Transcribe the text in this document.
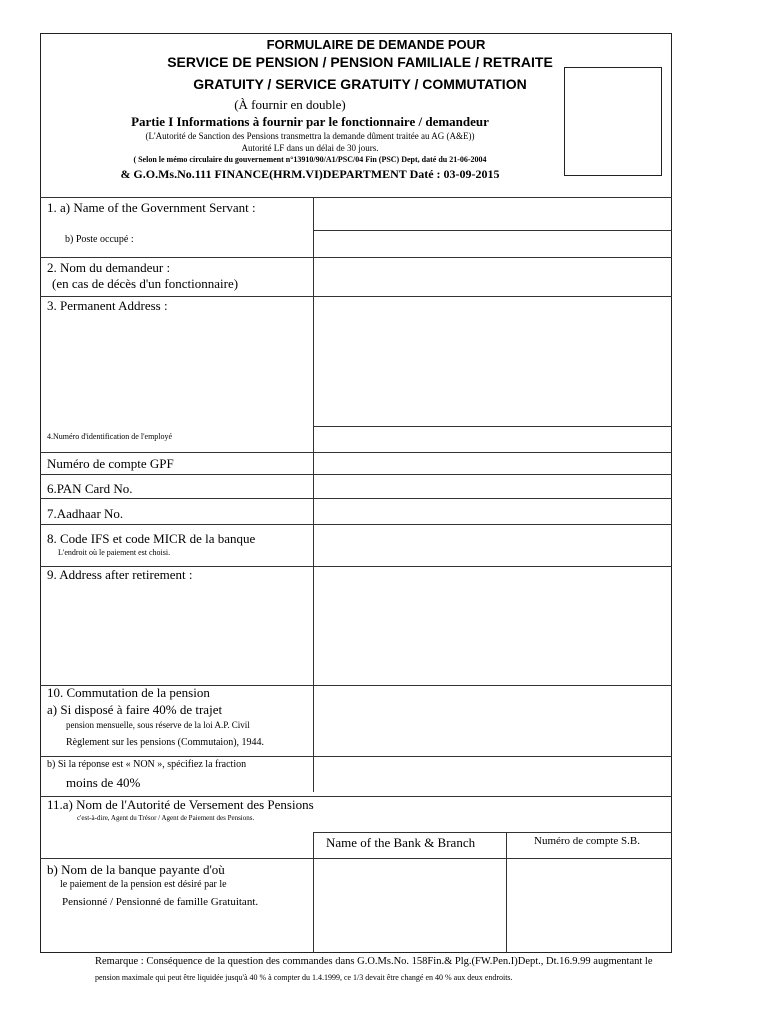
FORMULAIRE DE DEMANDE POUR
SERVICE DE PENSION / PENSION FAMILIALE / RETRAITE
GRATUITY / SERVICE GRATUITY / COMMUTATION
(À fournir en double)
Partie I Informations à fournir par le fonctionnaire / demandeur
(L'Autorité de Sanction des Pensions transmettra la demande dûment traitée au AG (A&E))
Autorité LF dans un délai de 30 jours.
( Selon le mémo circulaire du gouvernement n°13910/90/A1/PSC/04 Fin (PSC) Dept, daté du 21-06-2004
& G.O.Ms.No.111 FINANCE(HRM.VI)DEPARTMENT Daté : 03-09-2015
1. a) Name of the Government Servant :
b) Poste occupé :
2. Nom du demandeur :
(en cas de décès d'un fonctionnaire)
3. Permanent Address :
4.Numéro d'identification de l'employé
Numéro de compte GPF
6.PAN Card No.
7.Aadhaar No.
8. Code IFS et code MICR de la banque
L'endroit où le paiement est choisi.
9. Address after retirement :
10. Commutation de la pension
a) Si disposé à faire 40% de trajet
pension mensuelle, sous réserve de la loi A.P. Civil
Règlement sur les pensions (Commutaion), 1944.
b) Si la réponse est « NON », spécifiez la fraction
moins de 40%
11.a) Nom de l'Autorité de Versement des Pensions
c'est-à-dire, Agent du Trésor / Agent de Paiement des Pensions.
Name of the Bank & Branch	Numéro de compte S.B.
b) Nom de la banque payante d'où
le paiement de la pension est désiré par le
Pensionné / Pensionné de famille Gratuitant.
Remarque : Conséquence de la question des commandes dans G.O.Ms.No. 158Fin.& Plg.(FW.Pen.I)Dept., Dt.16.9.99 augmentant le
pension maximale qui peut être liquidée jusqu'à 40 % à compter du 1.4.1999, ce 1/3 devait être changé en 40 % aux deux endroits.
